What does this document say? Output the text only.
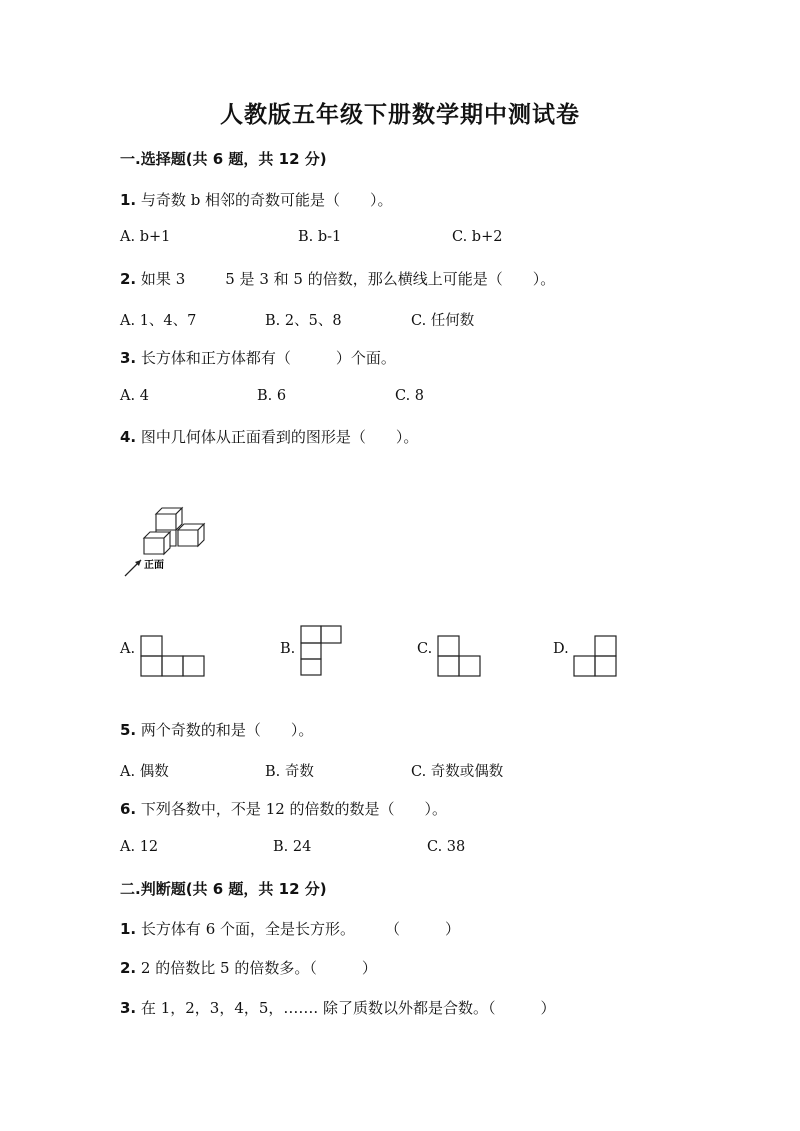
人教版五年级下册数学期中测试卷
一.选择题(共 6 题，共 12 分)
1. 与奇数 b 相邻的奇数可能是（　　）。
A. b+1	B. b-1	C. b+2
2. 如果 3	5 是 3 和 5 的倍数，那么横线上可能是（　　）。
A. 1、4、7	B. 2、5、8	C. 任何数
3. 长方体和正方体都有（　　　）个面。
A. 4	B. 6	C. 8
4. 图中几何体从正面看到的图形是（　　）。
正面
A.	B.	C.	D.
5. 两个奇数的和是（　　）。
A. 偶数	B. 奇数	C. 奇数或偶数
6. 下列各数中，不是 12 的倍数的数是（　　）。
A. 12	B. 24	C. 38
二.判断题(共 6 题，共 12 分)
1. 长方体有 6 个面，全是长方形。　　　（　　　）
2. 2 的倍数比 5 的倍数多。（　　　）
3. 在 1，2，3，4，5，……. 除了质数以外都是合数。（　　　）
